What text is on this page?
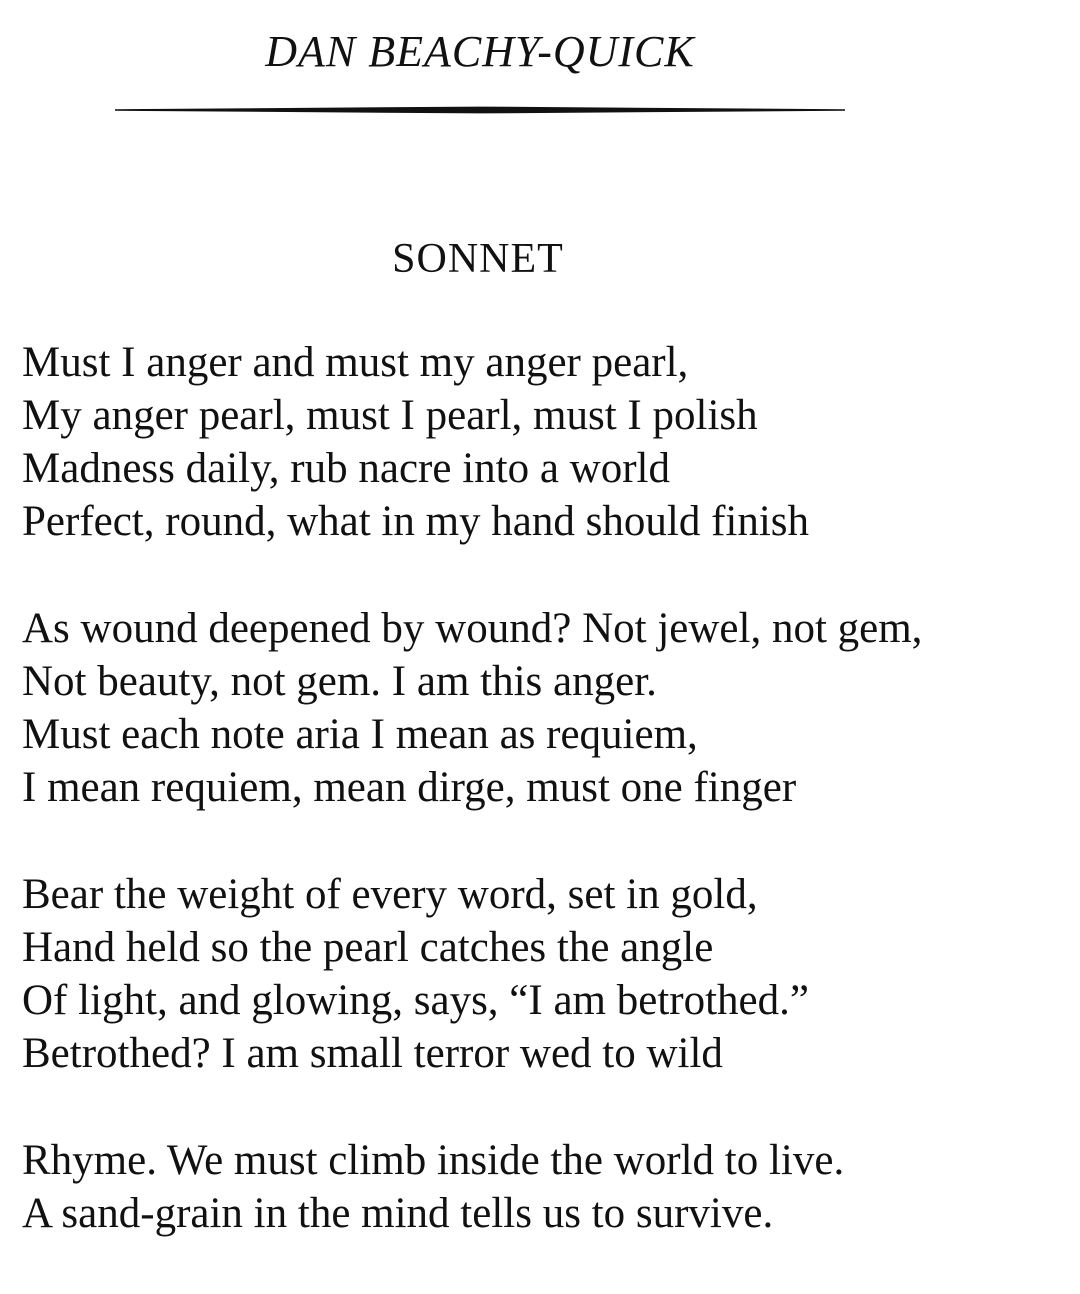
DAN BEACHY-QUICK
SONNET
Must I anger and must my anger pearl,
My anger pearl, must I pearl, must I polish
Madness daily, rub nacre into a world
Perfect, round, what in my hand should finish
As wound deepened by wound? Not jewel, not gem,
Not beauty, not gem. I am this anger.
Must each note aria I mean as requiem,
I mean requiem, mean dirge, must one finger
Bear the weight of every word, set in gold,
Hand held so the pearl catches the angle
Of light, and glowing, says, “I am betrothed.”
Betrothed? I am small terror wed to wild
Rhyme. We must climb inside the world to live.
A sand-grain in the mind tells us to survive.
